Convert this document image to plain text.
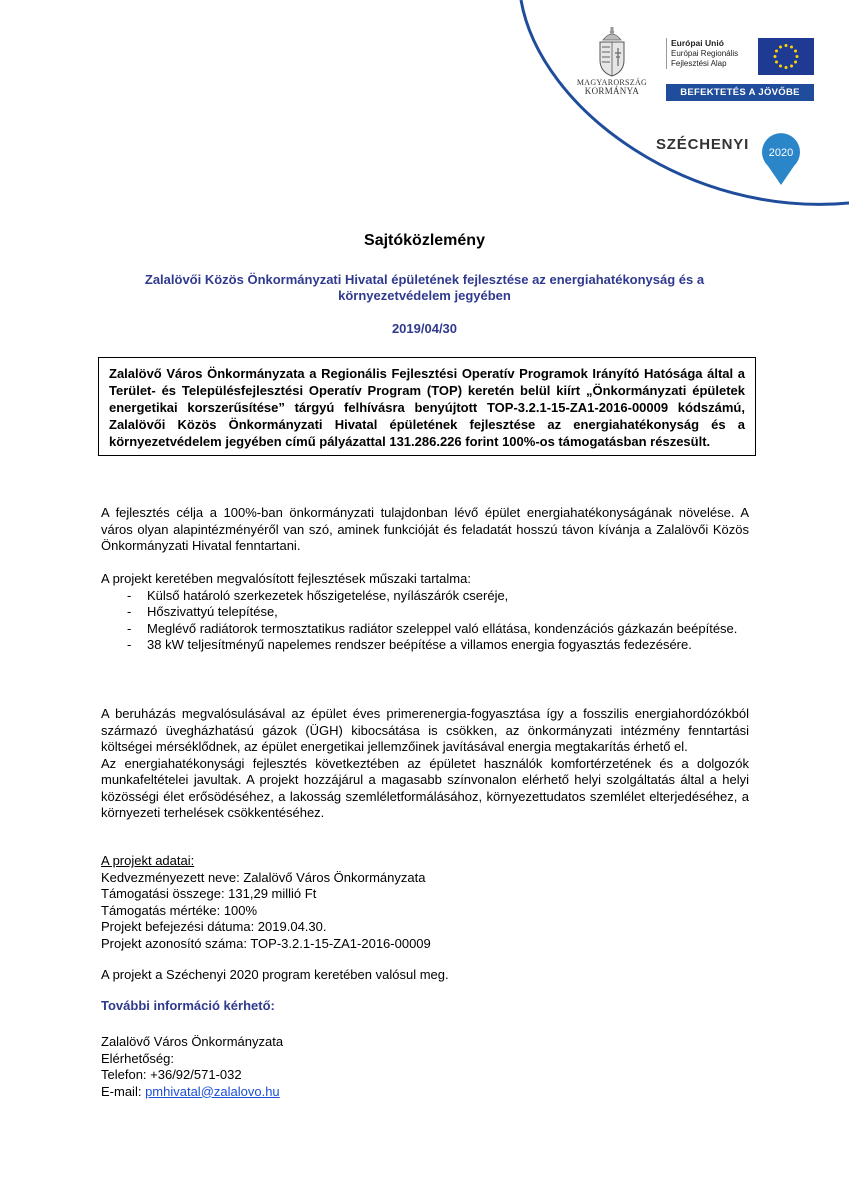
MAGYARORSZÁG
KORMÁNYA
Európai Unió
Európai Regionális
Fejlesztési Alap
BEFEKTETÉS A JÖVŐBE
SZÉCHENYI 2020
Sajtóközlemény
Zalalövői Közös Önkormányzati Hivatal épületének fejlesztése az energiahatékonyság és a környezetvédelem jegyében
2019/04/30
Zalalövő Város Önkormányzata a Regionális Fejlesztési Operatív Programok Irányító Hatósága által a Terület- és Településfejlesztési Operatív Program (TOP) keretén belül kiírt „Önkormányzati épületek energetikai korszerűsítése” tárgyú felhívásra benyújtott TOP-3.2.1-15-ZA1-2016-00009 kódszámú, Zalalövői Közös Önkormányzati Hivatal épületének fejlesztése az energiahatékonyság és a környezetvédelem jegyében című pályázattal 131.286.226 forint 100%-os támogatásban részesült.
A fejlesztés célja a 100%-ban önkormányzati tulajdonban lévő épület energiahatékonyságának növelése. A város olyan alapintézményéről van szó, aminek funkcióját és feladatát hosszú távon kívánja a Zalalövői Közös Önkormányzati Hivatal fenntartani.
A projekt keretében megvalósított fejlesztések műszaki tartalma:
- Külső határoló szerkezetek hőszigetelése, nyílászárók cseréje,
- Hőszivattyú telepítése,
- Meglévő radiátorok termosztatikus radiátor szeleppel való ellátása, kondenzációs gázkazán beépítése.
- 38 kW teljesítményű napelemes rendszer beépítése a villamos energia fogyasztás fedezésére.
A beruházás megvalósulásával az épület éves primerenergia-fogyasztása így a fosszilis energiahordózókból származó üvegházhatású gázok (ÜGH) kibocsátása is csökken, az önkormányzati intézmény fenntartási költségei mérséklődnek, az épület energetikai jellemzőinek javításával energia megtakarítás érhető el.
Az energiahatékonysági fejlesztés következtében az épületet használók komfortérzetének és a dolgozók munkafeltételei javultak. A projekt hozzájárul a magasabb színvonalon elérhető helyi szolgáltatás által a helyi közösségi élet erősödéséhez, a lakosság szemléletformálásához, környezettudatos szemlélet elterjedéséhez, a környezeti terhelések csökkentéséhez.
A projekt adatai:
Kedvezményezett neve: Zalalövő Város Önkormányzata
Támogatási összege: 131,29 millió Ft
Támogatás mértéke: 100%
Projekt befejezési dátuma: 2019.04.30.
Projekt azonosító száma: TOP-3.2.1-15-ZA1-2016-00009
A projekt a Széchenyi 2020 program keretében valósul meg.
További információ kérhető:
Zalalövő Város Önkormányzata
Elérhetőség:
Telefon: +36/92/571-032
E-mail: pmhivatal@zalalovo.hu
